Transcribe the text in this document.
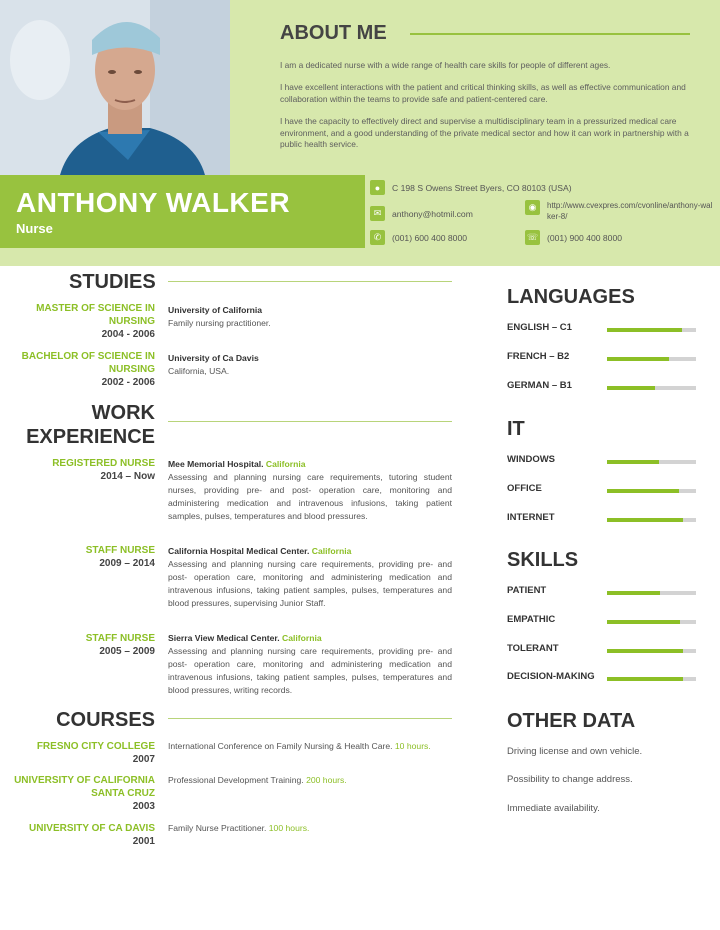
ANTHONY WALKER
Nurse
ABOUT ME

I am a dedicated nurse with a wide range of health care skills for people of different ages.

I have excellent interactions with the patient and critical thinking skills, as well as effective communication and collaboration within the teams to provide safe and patient-centered care.

I have the capacity to effectively direct and supervise a multidisciplinary team in a pressurized medical care environment, and a good understanding of the private medical sector and how it can work in partnership with a public health service.

●	C 198 S Owens Street Byers, CO 80103 (USA)
✉	anthony@hotmil.com
◉	http://www.cvexpres.com/cvonline/anthony-walker-8/
✆	(001) 600 400 8000	☏ (001) 900 400 8000
STUDIES
MASTER OF SCIENCE IN NURSING
2004 - 2006
University of California
Family nursing practitioner.
BACHELOR OF SCIENCE IN NURSING
2002 - 2006
University of Ca Davis
California, USA.
WORK
EXPERIENCE
REGISTERED NURSE
2014 – Now
Mee Memorial Hospital. California
Assessing and planning nursing care requirements, tutoring student nurses, providing pre- and post- operation care, monitoring and administering medication and intravenous infusions, taking patient samples, pulses, temperatures and blood pressures.
STAFF NURSE
2009 – 2014
California Hospital Medical Center. California
Assessing and planning nursing care requirements, providing pre- and post- operation care, monitoring and administering medication and intravenous infusions, taking patient samples, pulses, temperatures and blood pressures, supervising Junior Staff.
STAFF NURSE
2005 – 2009
Sierra View Medical Center. California
Assessing and planning nursing care requirements, providing pre- and post- operation care, monitoring and administering medication and intravenous infusions, taking patient samples, pulses, temperatures and blood pressures, writing records.
COURSES
FRESNO CITY COLLEGE
2007
International Conference on Family Nursing & Health Care. 10 hours.
UNIVERSITY OF CALIFORNIA SANTA CRUZ
2003
Professional Development Training. 200 hours.
UNIVERSITY OF CA DAVIS
2001
Family Nurse Practitioner. 100 hours.
LANGUAGES
ENGLISH – C1
FRENCH – B2
GERMAN – B1
IT
WINDOWS
OFFICE
INTERNET
SKILLS
PATIENT
EMPATHIC
TOLERANT
DECISION-MAKING
OTHER DATA
Driving license and own vehicle.
Possibility to change address.
Immediate availability.
